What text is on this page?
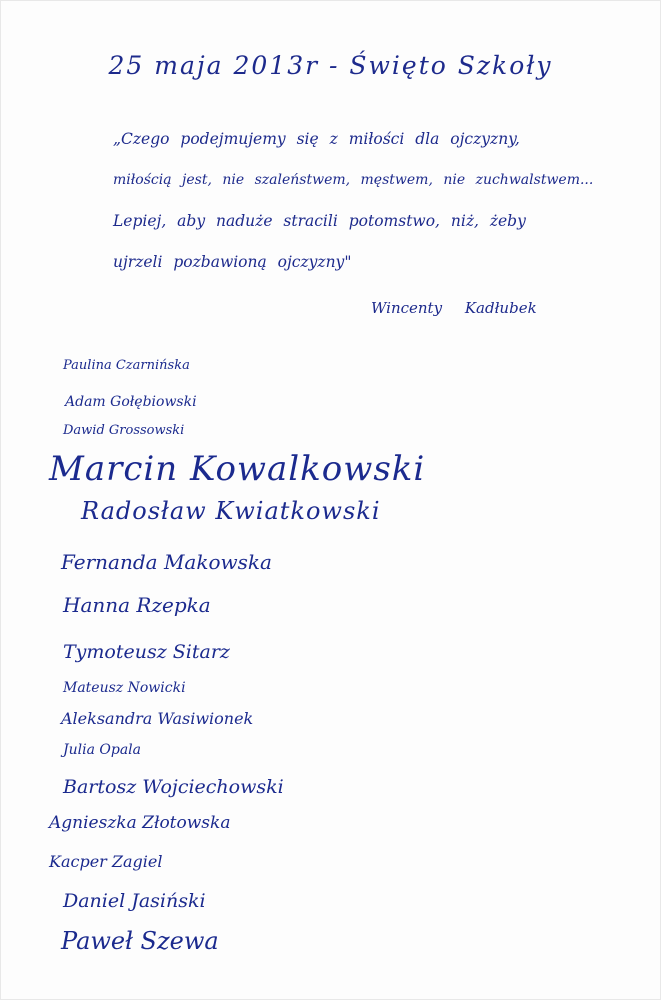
25 maja 2013r - Święto Szkoły
„Czego podejmujemy się z miłości dla ojczyzny,
miłością jest, nie szaleństwem, męstwem, nie zuchwalstwem...
Lepiej, aby naduże stracili potomstwo, niż, żeby
ujrzeli pozbawioną ojczyzny"
Wincenty Kadłubek
Paulina Czarnińska
Adam Gołębiowski
Dawid Grossowski
Marcin Kowalkowski
Radosław Kwiatkowski
Fernanda Makowska
Hanna Rzepka
Tymoteusz Sitarz
Mateusz Nowicki
Aleksandra Wasiwionek
Julia Opala
Bartosz Wojciechowski
Agnieszka Złotowska
Kacper Zagiel
Daniel Jasiński
Paweł Szewa
